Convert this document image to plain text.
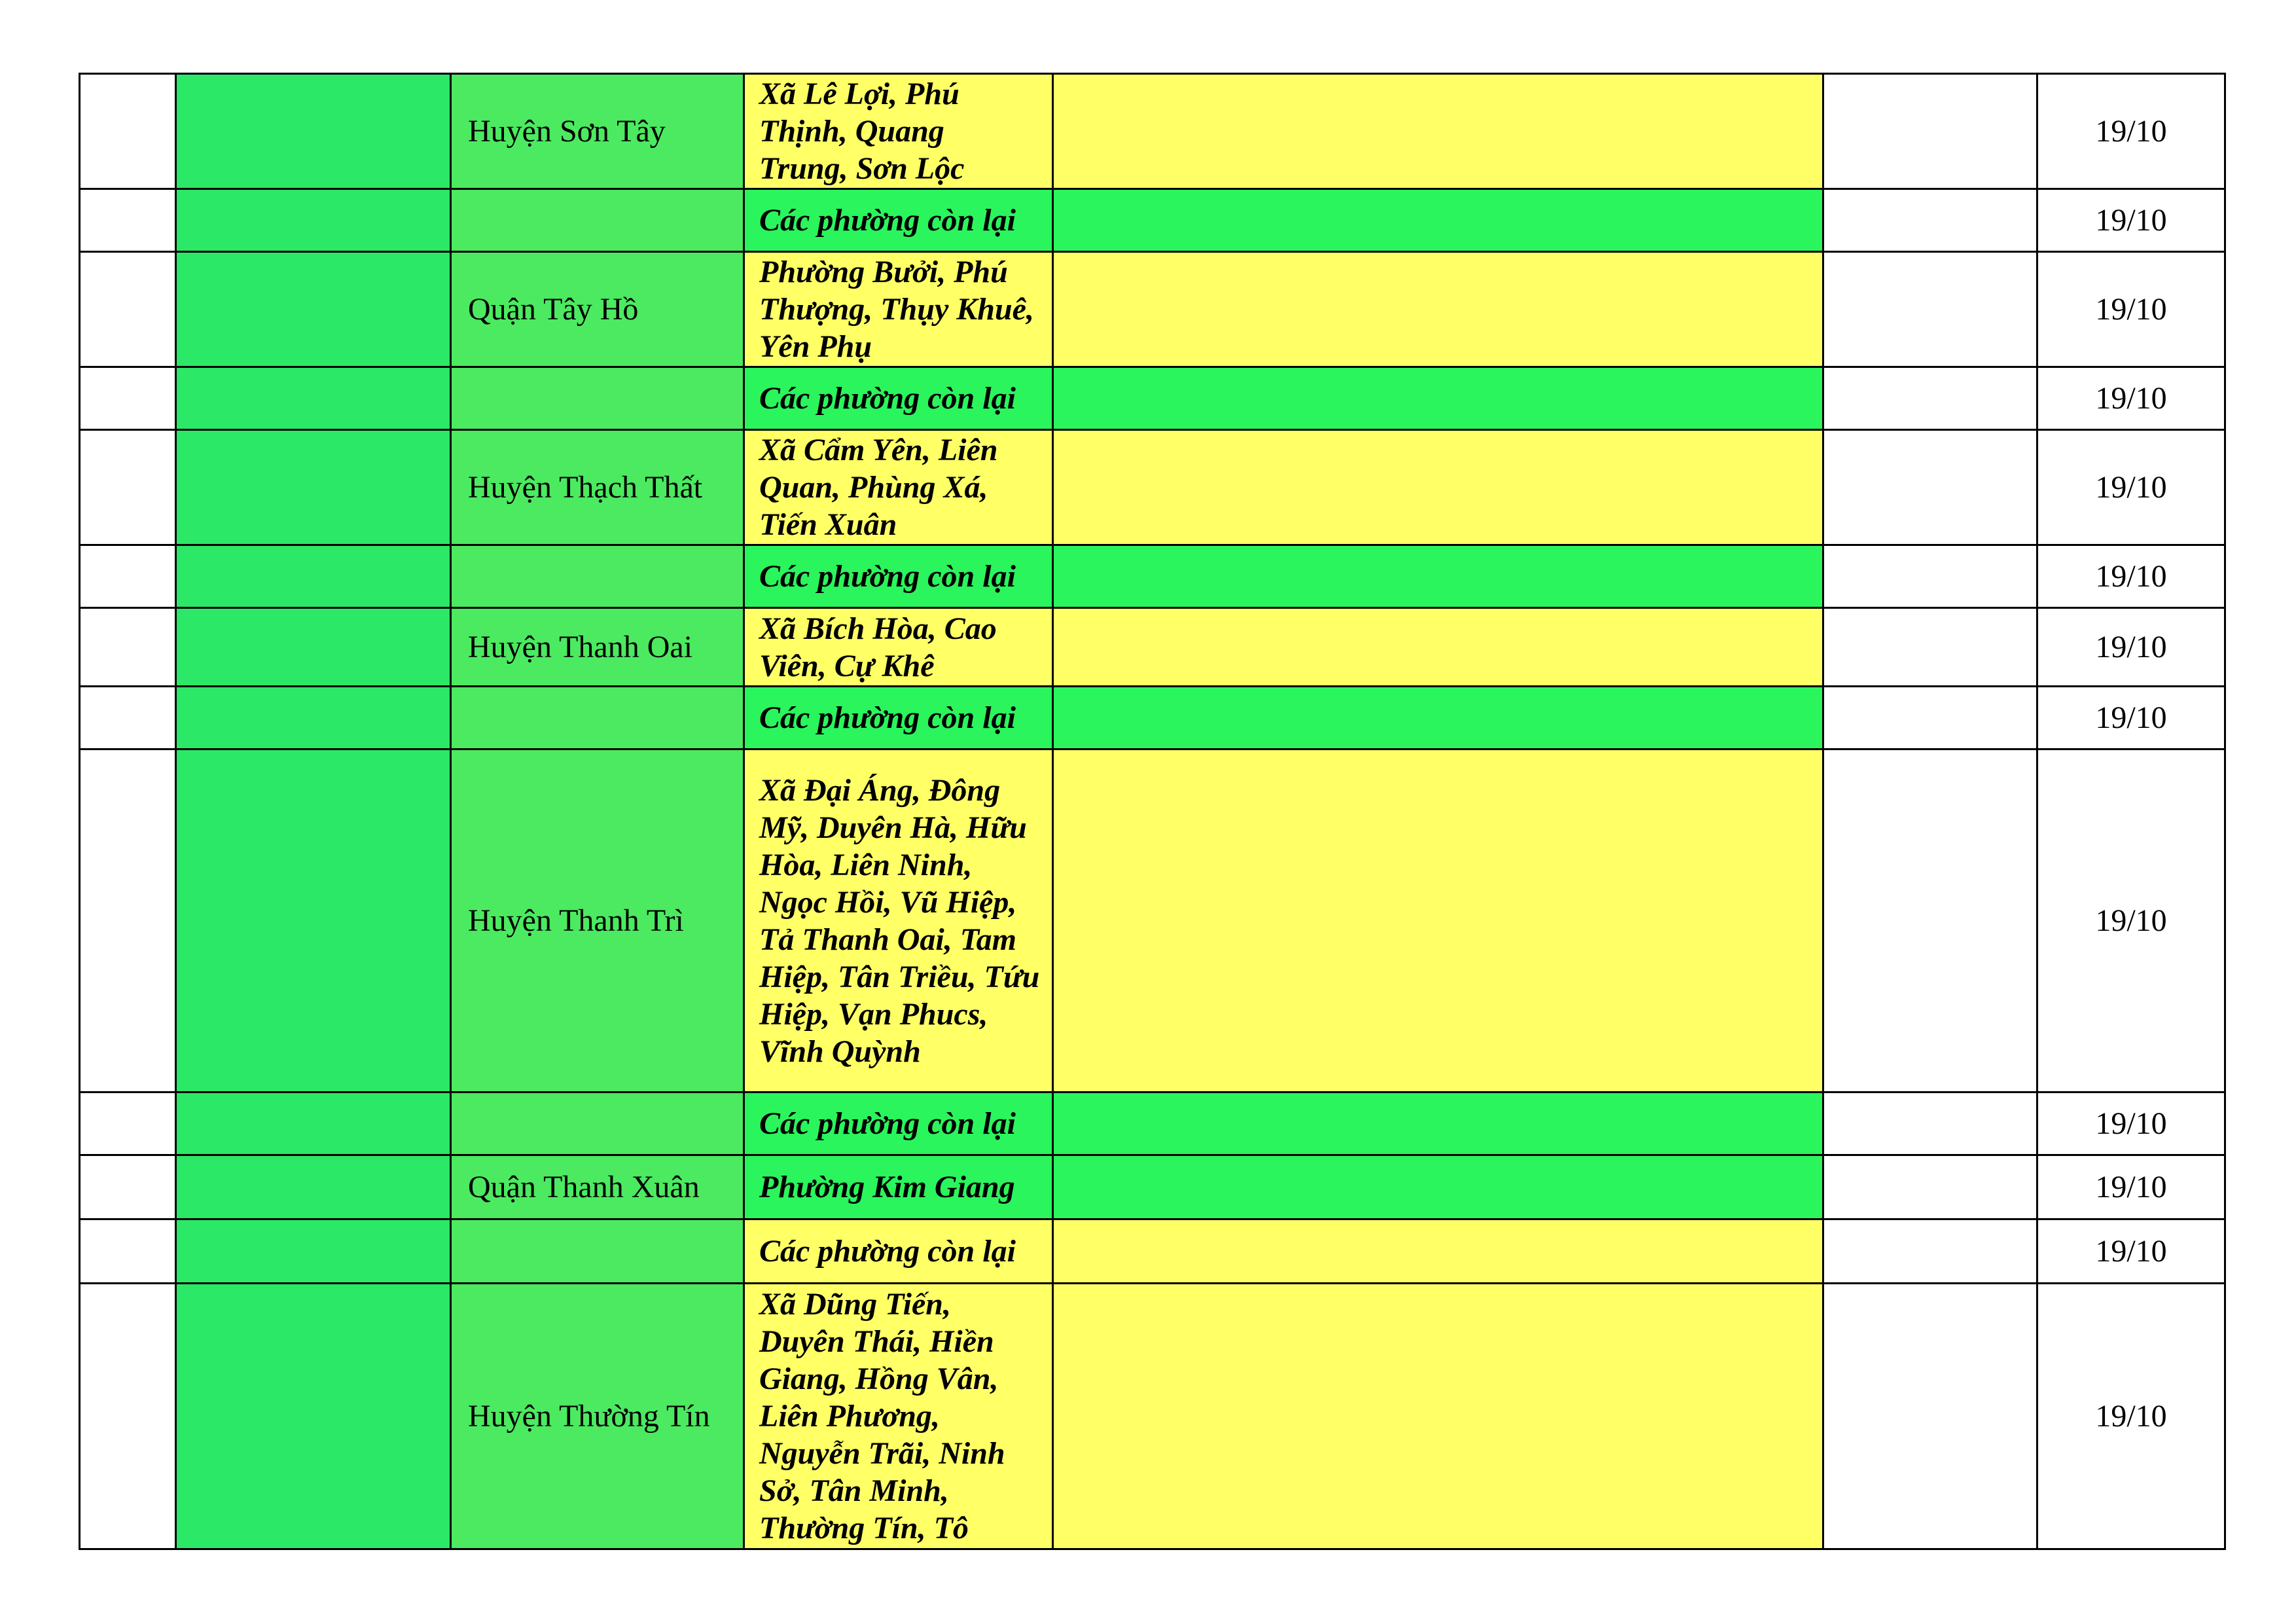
		Huyện Sơn Tây	Xã Lê Lợi, Phú Thịnh, Quang Trung, Sơn Lộc			19/10
			Các phường còn lại			19/10
		Quận Tây Hồ	Phường Bưởi, Phú Thượng, Thụy Khuê, Yên Phụ			19/10
			Các phường còn lại			19/10
		Huyện Thạch Thất	Xã Cẩm Yên, Liên Quan, Phùng Xá, Tiến Xuân			19/10
			Các phường còn lại			19/10
		Huyện Thanh Oai	Xã Bích Hòa, Cao Viên, Cự Khê			19/10
			Các phường còn lại			19/10
		Huyện Thanh Trì	Xã Đại Áng, Đông Mỹ, Duyên Hà, Hữu Hòa, Liên Ninh, Ngọc Hồi, Vũ Hiệp, Tả Thanh Oai, Tam Hiệp, Tân Triều, Tứu Hiệp, Vạn Phucs, Vĩnh Quỳnh			19/10
			Các phường còn lại			19/10
		Quận Thanh Xuân	Phường Kim Giang			19/10
			Các phường còn lại			19/10
		Huyện Thường Tín	Xã Dũng Tiến, Duyên Thái, Hiền Giang, Hồng Vân, Liên Phương, Nguyễn Trãi, Ninh Sở, Tân Minh, Thường Tín, Tô			19/10
